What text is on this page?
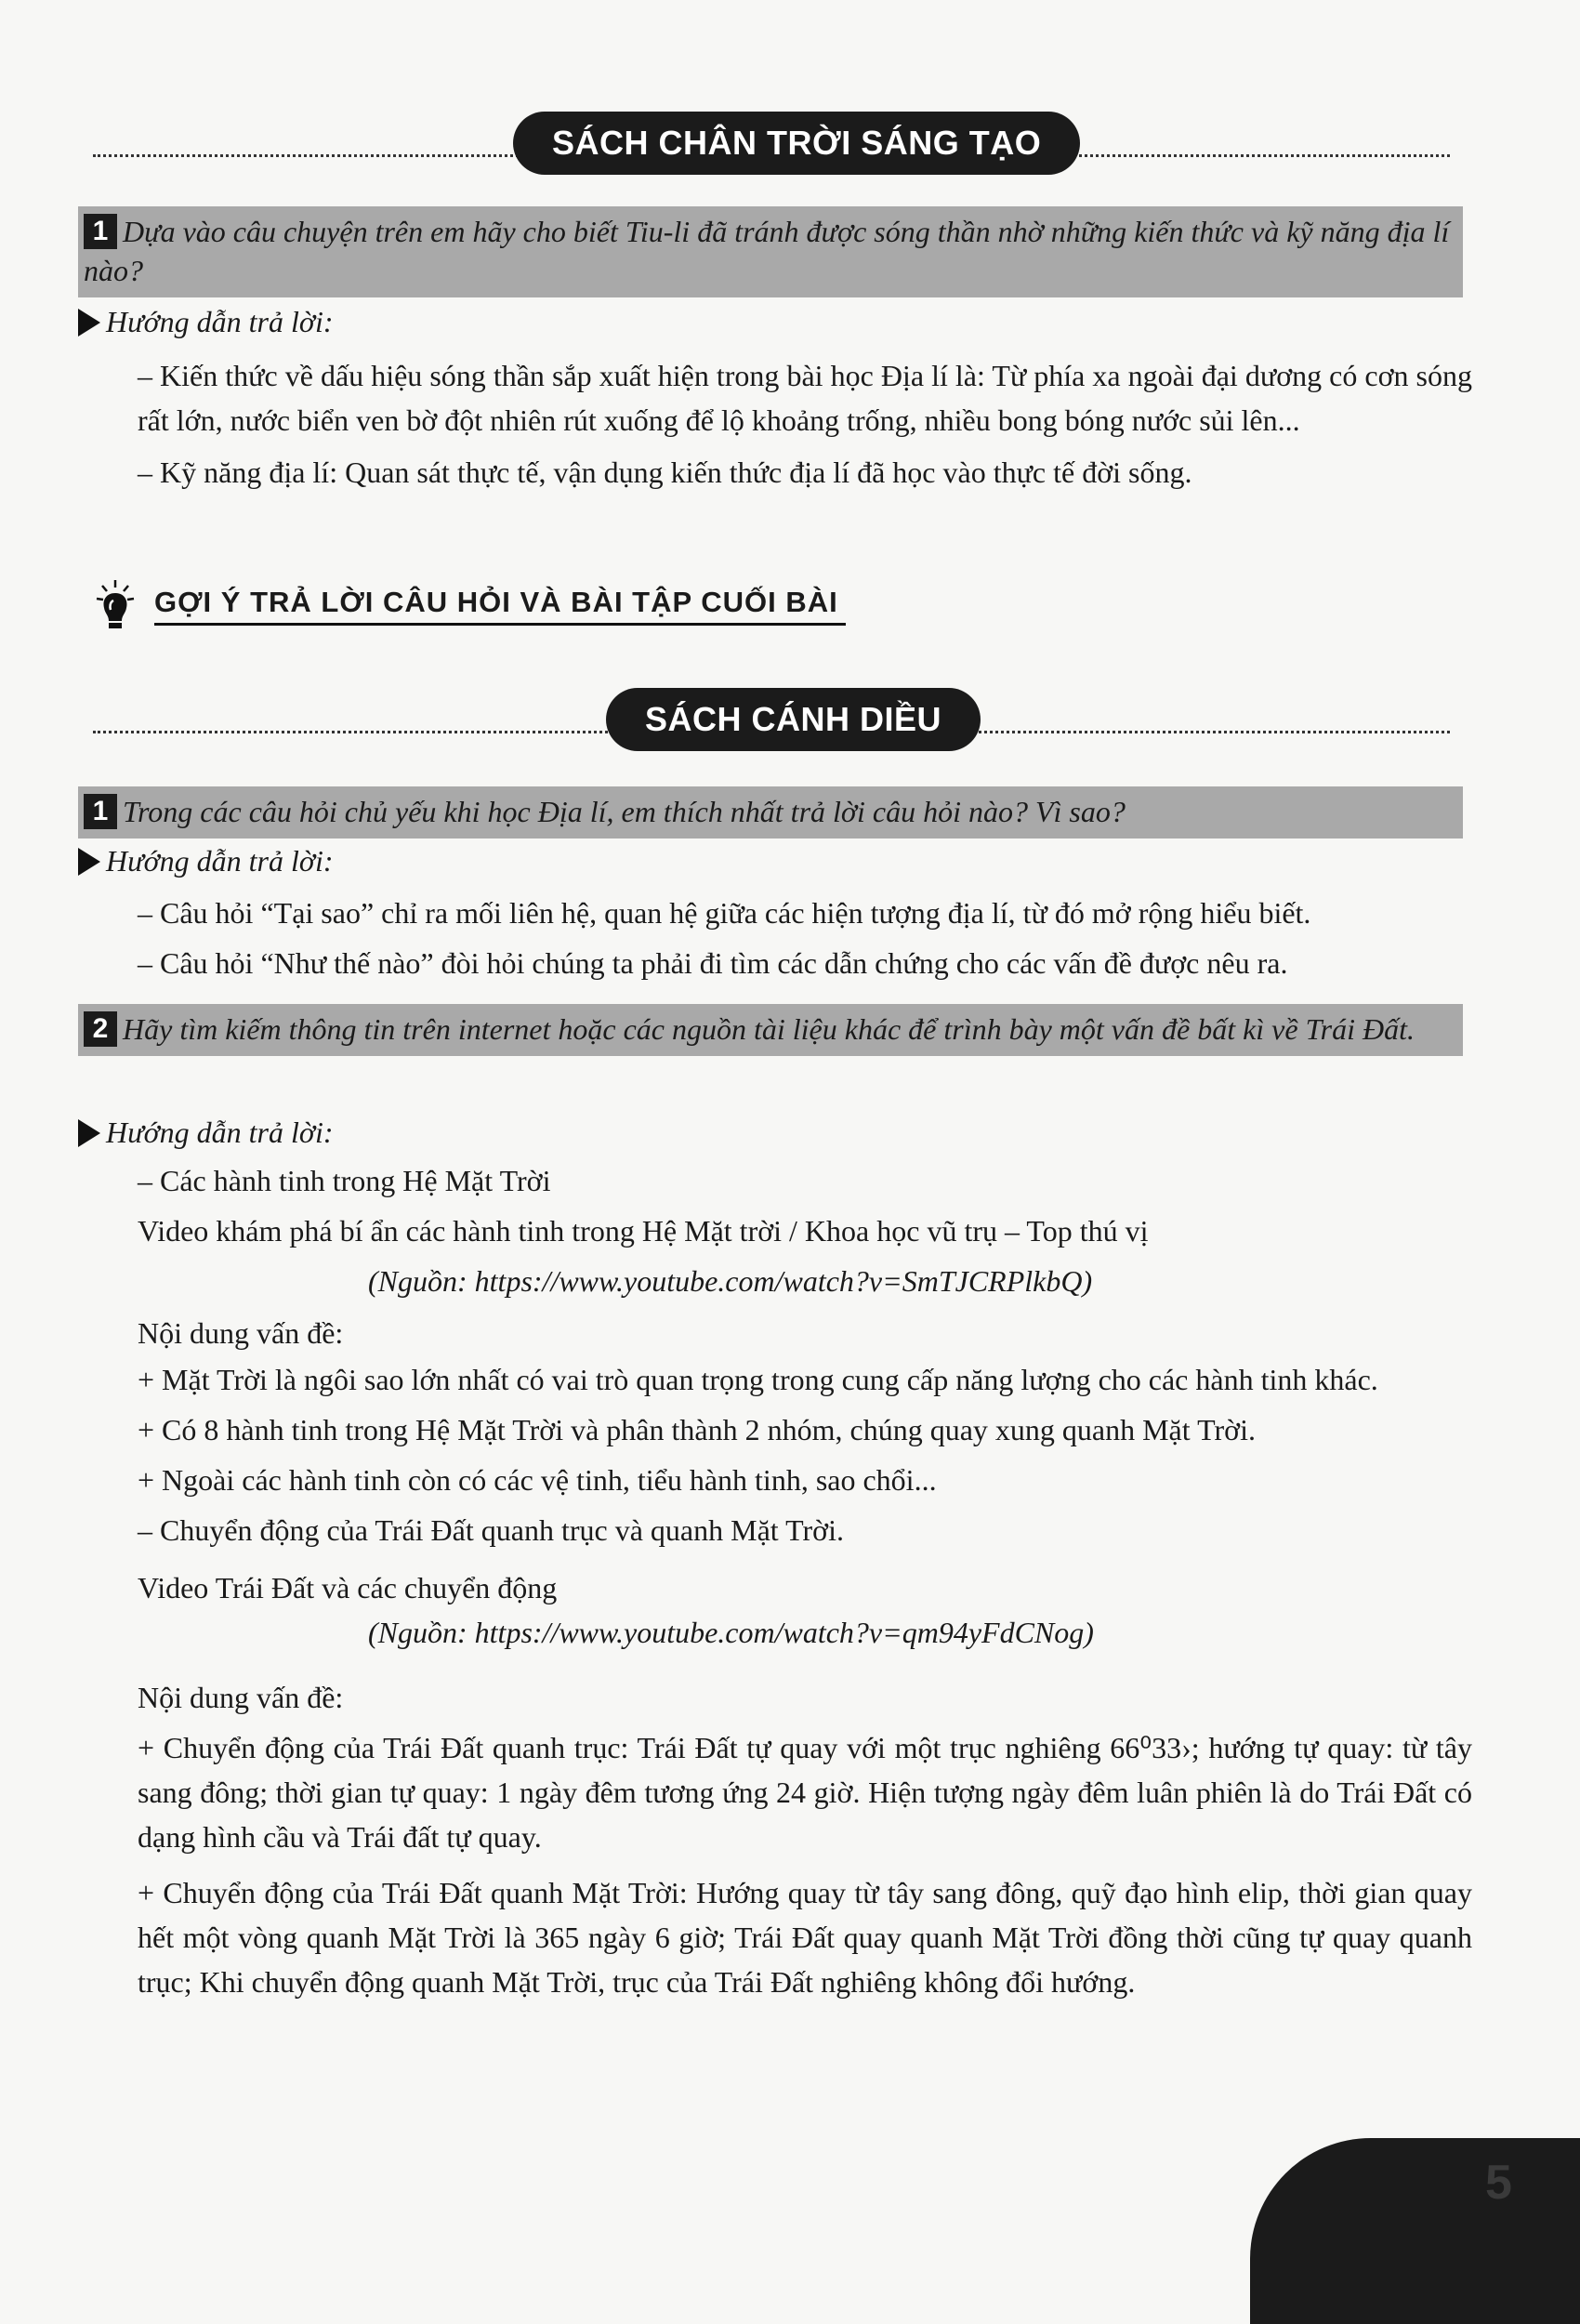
SÁCH CHÂN TRỜI SÁNG TẠO
1 Dựa vào câu chuyện trên em hãy cho biết Tiu-li đã tránh được sóng thần nhờ những kiến thức và kỹ năng địa lí nào?
Hướng dẫn trả lời:
– Kiến thức về dấu hiệu sóng thần sắp xuất hiện trong bài học Địa lí là: Từ phía xa ngoài đại dương có cơn sóng rất lớn, nước biển ven bờ đột nhiên rút xuống để lộ khoảng trống, nhiều bong bóng nước sủi lên...
– Kỹ năng địa lí: Quan sát thực tế, vận dụng kiến thức địa lí đã học vào thực tế đời sống.
GỢI Ý TRẢ LỜI CÂU HỎI VÀ BÀI TẬP CUỐI BÀI
SÁCH CÁNH DIỀU
1 Trong các câu hỏi chủ yếu khi học Địa lí, em thích nhất trả lời câu hỏi nào? Vì sao?
Hướng dẫn trả lời:
– Câu hỏi “Tại sao” chỉ ra mối liên hệ, quan hệ giữa các hiện tượng địa lí, từ đó mở rộng hiểu biết.
– Câu hỏi “Như thế nào” đòi hỏi chúng ta phải đi tìm các dẫn chứng cho các vấn đề được nêu ra.
2 Hãy tìm kiếm thông tin trên internet hoặc các nguồn tài liệu khác để trình bày một vấn đề bất kì về Trái Đất.
Hướng dẫn trả lời:
– Các hành tinh trong Hệ Mặt Trời
Video khám phá bí ẩn các hành tinh trong Hệ Mặt trời / Khoa học vũ trụ – Top thú vị
(Nguồn: https://www.youtube.com/watch?v=SmTJCRPlkbQ)
Nội dung vấn đề:
+ Mặt Trời là ngôi sao lớn nhất có vai trò quan trọng trong cung cấp năng lượng cho các hành tinh khác.
+ Có 8 hành tinh trong Hệ Mặt Trời và phân thành 2 nhóm, chúng quay xung quanh Mặt Trời.
+ Ngoài các hành tinh còn có các vệ tinh, tiểu hành tinh, sao chổi...
– Chuyển động của Trái Đất quanh trục và quanh Mặt Trời.
Video Trái Đất và các chuyển động
(Nguồn: https://www.youtube.com/watch?v=qm94yFdCNog)
Nội dung vấn đề:
+ Chuyển động của Trái Đất quanh trục: Trái Đất tự quay với một trục nghiêng 66⁰33›; hướng tự quay: từ tây sang đông; thời gian tự quay: 1 ngày đêm tương ứng 24 giờ. Hiện tượng ngày đêm luân phiên là do Trái Đất có dạng hình cầu và Trái đất tự quay.
+ Chuyển động của Trái Đất quanh Mặt Trời: Hướng quay từ tây sang đông, quỹ đạo hình elip, thời gian quay hết một vòng quanh Mặt Trời là 365 ngày 6 giờ; Trái Đất quay quanh Mặt Trời đồng thời cũng tự quay quanh trục; Khi chuyển động quanh Mặt Trời, trục của Trái Đất nghiêng không đổi hướng.
5
